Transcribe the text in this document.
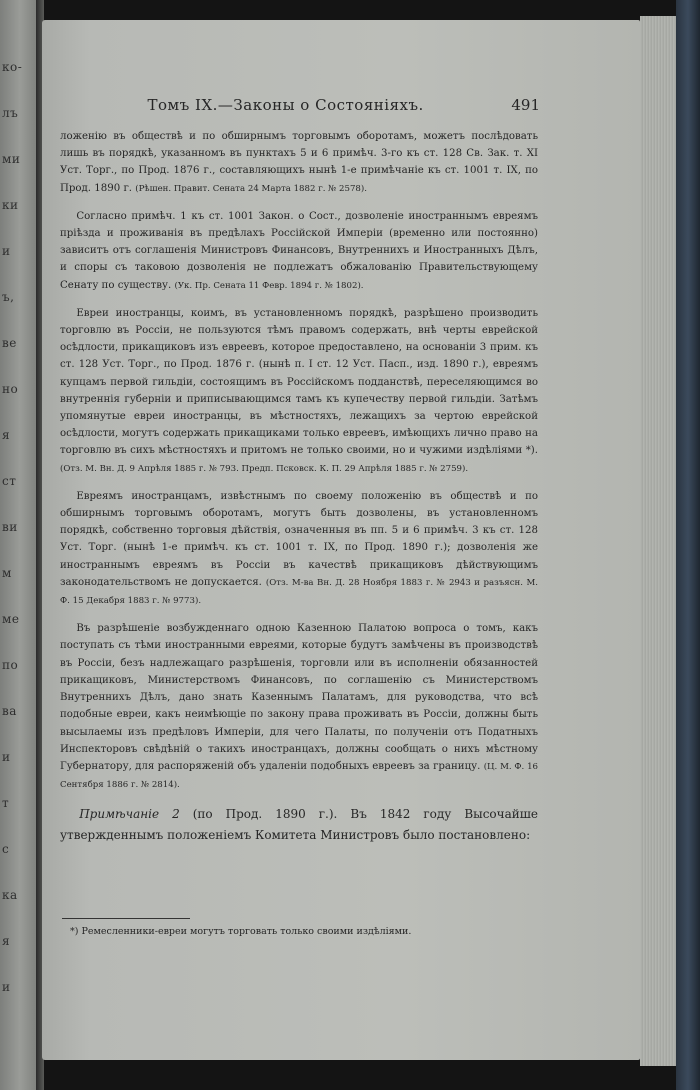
ко-
лъ
ми
ки
и
ъ,
ве
но
я
ст
ви
м
ме
по
ва
и
т
с
ка
я
и
Томъ IX.—Законы о Состояніяхъ.	491

ложенію въ обществѣ и по обширнымъ торговымъ оборотамъ, можетъ послѣдовать лишь въ порядкѣ, указанномъ въ пунктахъ 5 и 6 примѣч. 3-го къ ст. 128 Св. Зак. т. XI Уст. Торг., по Прод. 1876 г., составляющихъ нынѣ 1-е примѣчаніе къ ст. 1001 т. IX, по Прод. 1890 г. (Рѣшен. Правит. Сената 24 Марта 1882 г. № 2578).

Согласно примѣч. 1 къ ст. 1001 Закон. о Сост., дозволеніе иностраннымъ евреямъ пріѣзда и проживанія въ предѣлахъ Россійской Имперіи (временно или постоянно) зависитъ отъ соглашенія Министровъ Финансовъ, Внутреннихъ и Иностранныхъ Дѣлъ, и споры съ таковою дозволенія не подлежатъ обжалованію Правительствующему Сенату по существу. (Ук. Пр. Сената 11 Февр. 1894 г. № 1802).

Евреи иностранцы, коимъ, въ установленномъ порядкѣ, разрѣшено производить торговлю въ Россіи, не пользуются тѣмъ правомъ содержать, внѣ черты еврейской осѣдлости, прикащиковъ изъ евреевъ, которое предоставлено, на основаніи 3 прим. къ ст. 128 Уст. Торг., по Прод. 1876 г. (нынѣ п. I ст. 12 Уст. Пасп., изд. 1890 г.), евреямъ купцамъ первой гильдіи, состоящимъ въ Россійскомъ подданствѣ, переселяющимся во внутреннія губерніи и приписывающимся тамъ къ купечеству первой гильдіи. Затѣмъ упомянутые евреи иностранцы, въ мѣстностяхъ, лежащихъ за чертою еврейской осѣдлости, могутъ содержать прикащиками только евреевъ, имѣющихъ лично право на торговлю въ сихъ мѣстностяхъ и притомъ не только своими, но и чужими издѣліями *). (Отз. М. Вн. Д. 9 Апрѣля 1885 г. № 793. Предп. Псковск. К. П. 29 Апрѣля 1885 г. № 2759).

Евреямъ иностранцамъ, извѣстнымъ по своему положенію въ обществѣ и по обширнымъ торговымъ оборотамъ, могутъ быть дозволены, въ установленномъ порядкѣ, собственно торговыя дѣйствія, означенныя въ пп. 5 и 6 примѣч. 3 къ ст. 128 Уст. Торг. (нынѣ 1-е примѣч. къ ст. 1001 т. IX, по Прод. 1890 г.); дозволенія же иностраннымъ евреямъ въ Россіи въ качествѣ прикащиковъ дѣйствующимъ законодательствомъ не допускается. (Отз. М-ва Вн. Д. 28 Ноября 1883 г. № 2943 и разъясн. М. Ф. 15 Декабря 1883 г. № 9773).

Въ разрѣшеніе возбужденнаго одною Казенною Палатою вопроса о томъ, какъ поступать съ тѣми иностранными евреями, которые будутъ замѣчены въ производствѣ въ Россіи, безъ надлежащаго разрѣшенія, торговли или въ исполненіи обязанностей прикащиковъ, Министерствомъ Финансовъ, по соглашенію съ Министерствомъ Внутреннихъ Дѣлъ, дано знать Казеннымъ Палатамъ, для руководства, что всѣ подобные евреи, какъ неимѣющіе по закону права проживать въ Россіи, должны быть высылаемы изъ предѣловъ Имперіи, для чего Палаты, по полученіи отъ Податныхъ Инспекторовъ свѣдѣній о такихъ иностранцахъ, должны сообщать о нихъ мѣстному Губернатору, для распоряженій объ удаленіи подобныхъ евреевъ за границу. (Ц. М. Ф. 16 Сентября 1886 г. № 2814).

Примѣчаніе 2 (по Прод. 1890 г.). Въ 1842 году Высочайше утвержденнымъ положеніемъ Комитета Министровъ было постановлено:

*) Ремесленники-евреи могутъ торговать только своими издѣліями.
